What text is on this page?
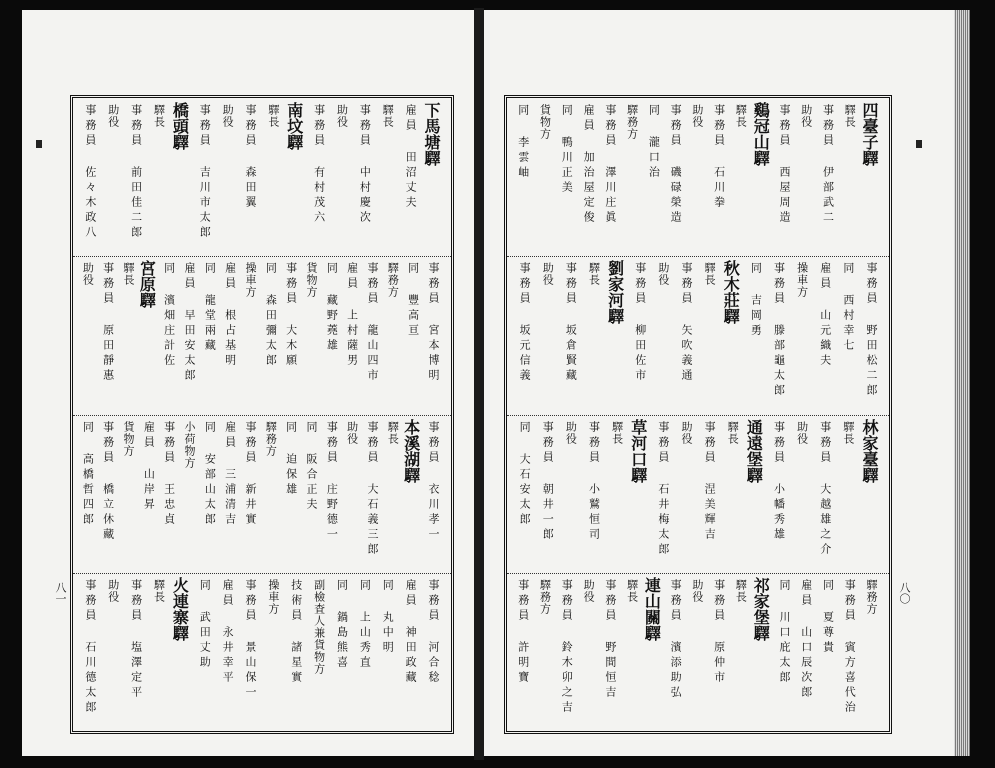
下馬塘驛
雇員 田沼丈夫
驛長
事務員 中村慶次
助役
事務員 有村茂六
南坟驛
驛長
事務員 森田翼
助役
事務員 吉川市太郎
橋頭驛
驛長
事務員 前田佳二郎
助役
事務員 佐々木政八
事務員 宮本博明
同 豐高亘
驛務方
事務員 龍山四市
雇員 上村薩男
同 藏野蕘雄
貨物方
事務員 大木願
同 森田彌太郎
操車方
雇員 根占基明
同 龍堂兩藏
雇員 早田安太郎
同 濱畑庄計佐
宮原驛
驛長
事務員 原田靜惠
助役
事務員 衣川孝一
本溪湖驛
驛長
事務員 大石義三郎
助役
事務員 庄野德一
同 阪合正夫
同 迫保雄
驛務方
事務員 新井實
雇員 三浦清吉
同 安部山太郎
小荷物方
事務員 王忠貞
雇員 山岸昇
貨物方
事務員 橋立休藏
同 高橋哲四郎
事務員 河合稔
雇員 神田政藏
同 丸中明
同 上山秀直
同 鍋島熊喜
副檢査人兼貨物方
技術員 諸星實
操車方
事務員 景山保一
雇員 永井幸平
同 武田丈助
火連寨驛
驛長
事務員 塩澤定平
助役
事務員 石川德太郎
八一
四臺子驛
驛長
事務員 伊部武二
助役
事務員 西屋周造
鷄冠山驛
驛長
事務員 石川拳
助役
事務員 磯碌榮造
同 瀧口治
驛務方
事務員 澤川庄眞
雇員 加治屋定俊
同 鴨川正美
貨物方
同 李雲岫
事務員 野田松二郎
同 西村幸七
雇員 山元織夫
操車方
事務員 滕部龜太郎
同 吉岡勇
秋木莊驛
驛長
事務員 矢吹義通
助役
事務員 柳田佐市
劉家河驛
驛長
事務員 坂倉賢藏
助役
事務員 坂元信義
林家臺驛
驛長
事務員 大越雄之介
助役
事務員 小幡秀雄
通遠堡驛
驛長
事務員 涅美輝吉
助役
事務員 石井梅太郎
草河口驛
驛長
事務員 小鷲恒司
助役
事務員 朝井一郎
同 大石安太郎
驛務方
事務員 賓方喜代治
同 夏尊貴
雇員 山口辰次郎
同 川口庇太郎
祁家堡驛
驛長
事務員 原仲市
助役
事務員 濱添助弘
連山關驛
驛長
事務員 野間恒吉
助役
事務員 鈴木卯之吉
驛務方
事務員 許明寶	八〇
